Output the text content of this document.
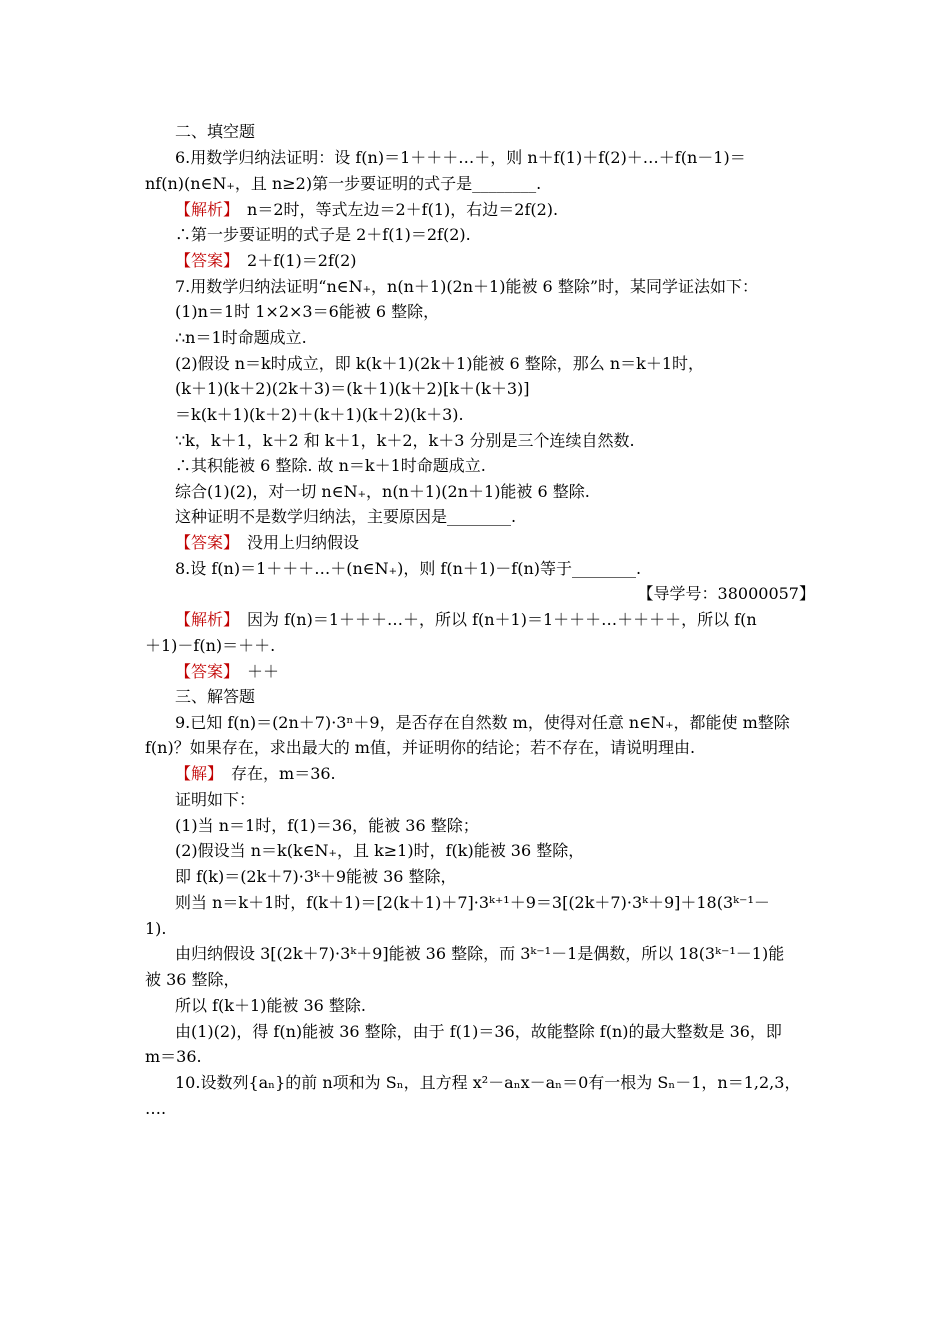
二、填空题
6.用数学归纳法证明：设 f(n)＝1＋＋＋…＋，则 n＋f(1)＋f(2)＋…＋f(n－1)＝
nf(n)(n∈N₊，且 n≥2)第一步要证明的式子是________.
【解析】　n＝2时，等式左边＝2＋f(1)，右边＝2f(2).
∴第一步要证明的式子是 2＋f(1)＝2f(2).
【答案】　2＋f(1)＝2f(2)
7.用数学归纳法证明“n∈N₊，n(n＋1)(2n＋1)能被 6 整除”时，某同学证法如下：
(1)n＝1时 1×2×3＝6能被 6 整除，
∴n＝1时命题成立.
(2)假设 n＝k时成立，即 k(k＋1)(2k＋1)能被 6 整除，那么 n＝k＋1时，
(k＋1)(k＋2)(2k＋3)＝(k＋1)(k＋2)[k＋(k＋3)]
＝k(k＋1)(k＋2)＋(k＋1)(k＋2)(k＋3).
∵k，k＋1，k＋2 和 k＋1，k＋2，k＋3 分别是三个连续自然数.
∴其积能被 6 整除. 故 n＝k＋1时命题成立.
综合(1)(2)，对一切 n∈N₊，n(n＋1)(2n＋1)能被 6 整除.
这种证明不是数学归纳法，主要原因是________.
【答案】　没用上归纳假设
8.设 f(n)＝1＋＋＋…＋(n∈N₊)，则 f(n＋1)－f(n)等于________.
【导学号：38000057】
【解析】　因为 f(n)＝1＋＋＋…＋，所以 f(n＋1)＝1＋＋＋…＋＋＋＋，所以 f(n
＋1)－f(n)＝＋＋.
【答案】　＋＋
三、解答题
9.已知 f(n)＝(2n＋7)·3ⁿ＋9，是否存在自然数 m，使得对任意 n∈N₊，都能使 m整除
f(n)？如果存在，求出最大的 m值，并证明你的结论；若不存在，请说明理由.
【解】　存在，m＝36.
证明如下：
(1)当 n＝1时，f(1)＝36，能被 36 整除；
(2)假设当 n＝k(k∈N₊，且 k≥1)时，f(k)能被 36 整除，
即 f(k)＝(2k＋7)·3ᵏ＋9能被 36 整除，
则当 n＝k＋1时，f(k＋1)＝[2(k＋1)＋7]·3ᵏ⁺¹＋9＝3[(2k＋7)·3ᵏ＋9]＋18(3ᵏ⁻¹－
1).
由归纳假设 3[(2k＋7)·3ᵏ＋9]能被 36 整除，而 3ᵏ⁻¹－1是偶数，所以 18(3ᵏ⁻¹－1)能
被 36 整除，
所以 f(k＋1)能被 36 整除.
由(1)(2)，得 f(n)能被 36 整除，由于 f(1)＝36，故能整除 f(n)的最大整数是 36，即
m＝36.
10.设数列{aₙ}的前 n项和为 Sₙ，且方程 x²－aₙx－aₙ＝0有一根为 Sₙ－1，n＝1,2,3，
….
